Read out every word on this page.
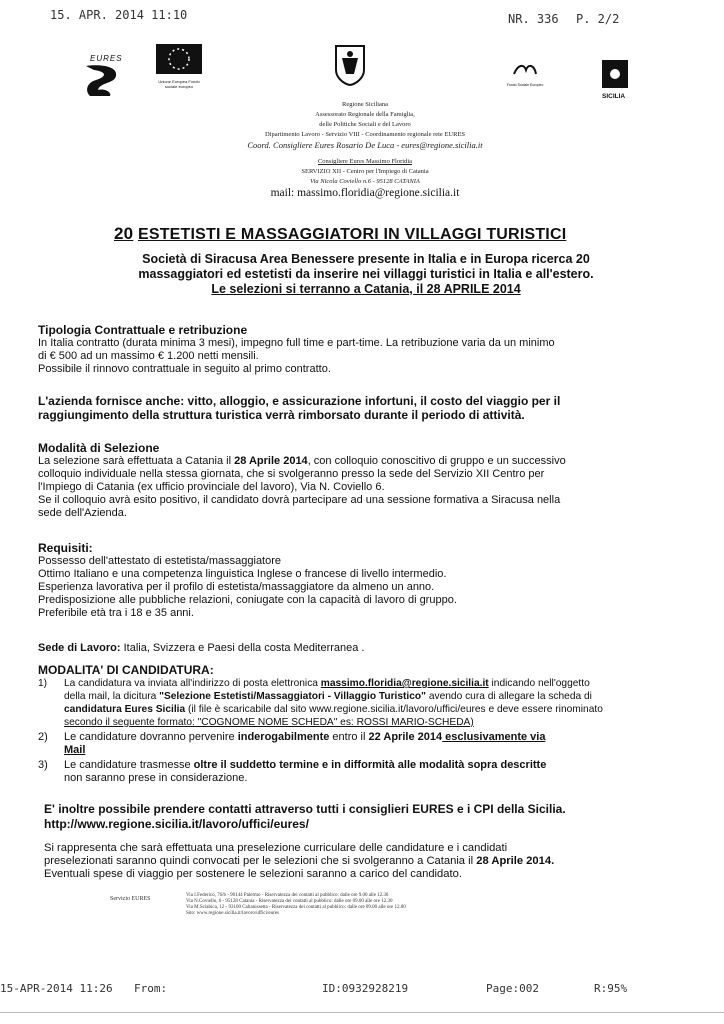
15. APR. 2014 11:10	NR. 336 P. 2/2
EURES
Unione Europea Fondo sociale europeo	Fondo Sociale Europeo
SICILIA
Regione Siciliana
Assessorato Regionale della Famiglia,
delle Politiche Sociali e del Lavoro
Dipartimento Lavoro - Servizio VIII - Coordinamento regionale rete EURES
Coord. Consigliere Eures Rosario De Luca - eures@regione.sicilia.it
Consigliere Eures Massimo Floridia
SERVIZIO XII - Centro per l'Impiego di Catania
Via Nicola Coviello n.6 - 95128 CATANIA
mail: massimo.floridia@regione.sicilia.it
20 ESTETISTI E MASSAGGIATORI IN VILLAGGI TURISTICI
Società di Siracusa Area Benessere presente in Italia e in Europa ricerca 20
massaggiatori ed estetisti da inserire nei villaggi turistici in Italia e all'estero.
Le selezioni si terranno a Catania, il 28 APRILE 2014
Tipologia Contrattuale e retribuzione
In Italia contratto (durata minima 3 mesi), impegno full time e part-time. La retribuzione varia da un minimo
di € 500 ad un massimo € 1.200 netti mensili.
Possibile il rinnovo contrattuale in seguito al primo contratto.
L'azienda fornisce anche: vitto, alloggio, e assicurazione infortuni, il costo del viaggio per il
raggiungimento della struttura turistica verrà rimborsato durante il periodo di attività.
Modalità di Selezione
La selezione sarà effettuata a Catania il 28 Aprile 2014, con colloquio conoscitivo di gruppo e un successivo
colloquio individuale nella stessa giornata, che si svolgeranno presso la sede del Servizio XII Centro per
l'Impiego di Catania (ex ufficio provinciale del lavoro), Via N. Coviello 6.
Se il colloquio avrà esito positivo, il candidato dovrà partecipare ad una sessione formativa a Siracusa nella
sede dell'Azienda.
Requisiti:
Possesso dell'attestato di estetista/massaggiatore
Ottimo Italiano e una competenza linguistica Inglese o francese di livello intermedio.
Esperienza lavorativa per il profilo di estetista/massaggiatore da almeno un anno.
Predisposizione alle pubbliche relazioni, coniugate con la capacità di lavoro di gruppo.
Preferibile età tra i 18 e 35 anni.
Sede di Lavoro: Italia, Svizzera e Paesi della costa Mediterranea .
MODALITA' DI CANDIDATURA:
1) La candidatura va inviata all'indirizzo di posta elettronica massimo.floridia@regione.sicilia.it indicando nell'oggetto
della mail, la dicitura "Selezione Estetisti/Massaggiatori - Villaggio Turistico" avendo cura di allegare la scheda di
candidatura Eures Sicilia (il file è scaricabile dal sito www.regione.sicilia.it/lavoro/uffici/eures e deve essere rinominato
secondo il seguente formato: "COGNOME NOME SCHEDA" es: ROSSI MARIO-SCHEDA)
2) Le candidature dovranno pervenire inderogabilmente entro il 22 Aprile 2014 esclusivamente via
Mail
3) Le candidature trasmesse oltre il suddetto termine e in difformità alle modalità sopra descritte
non saranno prese in considerazione.
E' inoltre possibile prendere contatti attraverso tutti i consiglieri EURES e i CPI della Sicilia.
http://www.regione.sicilia.it/lavoro/uffici/eures/
Si rappresenta che sarà effettuata una preselezione curriculare delle candidature e i candidati
preselezionati saranno quindi convocati per le selezioni che si svolgeranno a Catania il 28 Aprile 2014.
Eventuali spese di viaggio per sostenere le selezioni saranno a carico del candidato.
Servizio EURES
Via I.Federico, 76/b - 90144 Palermo - Riservatezza dei contatti al pubblico: dalle ore 9.00 alle 12.30
Via N.Coviello, 6 - 95128 Catania - Riservatezza dei contatti al pubblico: dalle ore 09.00 alle ore 12.30
Via M.Sciabica, 12 - 93100 Caltanissetta - Riservatezza dei contatti al pubblico: dalle ore 09.00 alle ore 12.00
Sito: www.regione.sicilia.it/lavoro/uffici/eures
15-APR-2014 11:26 From:	ID:0932928219	Page:002	R:95%
